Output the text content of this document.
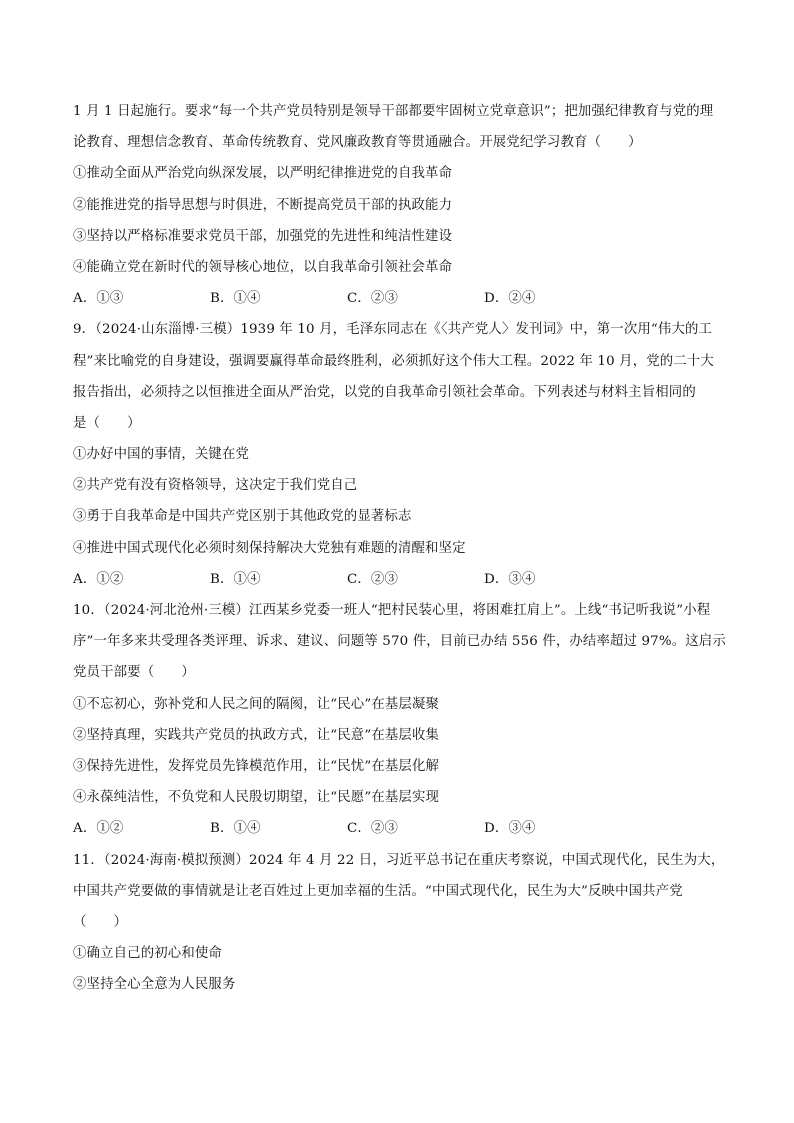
1 月 1 日起施行。要求“每一个共产党员特别是领导干部都要牢固树立党章意识”；把加强纪律教育与党的理
论教育、理想信念教育、革命传统教育、党风廉政教育等贯通融合。开展党纪学习教育（　　）
①推动全面从严治党向纵深发展，以严明纪律推进党的自我革命
②能推进党的指导思想与时俱进，不断提高党员干部的执政能力
③坚持以严格标准要求党员干部，加强党的先进性和纯洁性建设
④能确立党在新时代的领导核心地位，以自我革命引领社会革命
A．①③	B．①④	C．②③	D．②④
9．（2024·山东淄博·三模）1939 年 10 月，毛泽东同志在《〈共产党人〉发刊词》中，第一次用“伟大的工
程”来比喻党的自身建设，强调要赢得革命最终胜利，必须抓好这个伟大工程。2022 年 10 月，党的二十大
报告指出，必须持之以恒推进全面从严治党，以党的自我革命引领社会革命。下列表述与材料主旨相同的
是（　　）
①办好中国的事情，关键在党
②共产党有没有资格领导，这决定于我们党自己
③勇于自我革命是中国共产党区别于其他政党的显著标志
④推进中国式现代化必须时刻保持解决大党独有难题的清醒和坚定
A．①②	B．①④	C．②③	D．③④
10．（2024·河北沧州·三模）江西某乡党委一班人“把村民装心里，将困难扛肩上”。上线“书记听我说”小程
序”一年多来共受理各类评理、诉求、建议、问题等 570 件，目前已办结 556 件，办结率超过 97%。这启示
党员干部要（　　）
①不忘初心，弥补党和人民之间的隔阂，让“民心”在基层凝聚
②坚持真理，实践共产党员的执政方式，让“民意”在基层收集
③保持先进性，发挥党员先锋模范作用，让“民忧”在基层化解
④永葆纯洁性，不负党和人民殷切期望，让“民愿”在基层实现
A．①②	B．①④	C．②③	D．③④
11．（2024·海南·模拟预测）2024 年 4 月 22 日，习近平总书记在重庆考察说，中国式现代化，民生为大，
中国共产党要做的事情就是让老百姓过上更加幸福的生活。“中国式现代化，民生为大”反映中国共产党
（　　）
①确立自己的初心和使命
②坚持全心全意为人民服务
